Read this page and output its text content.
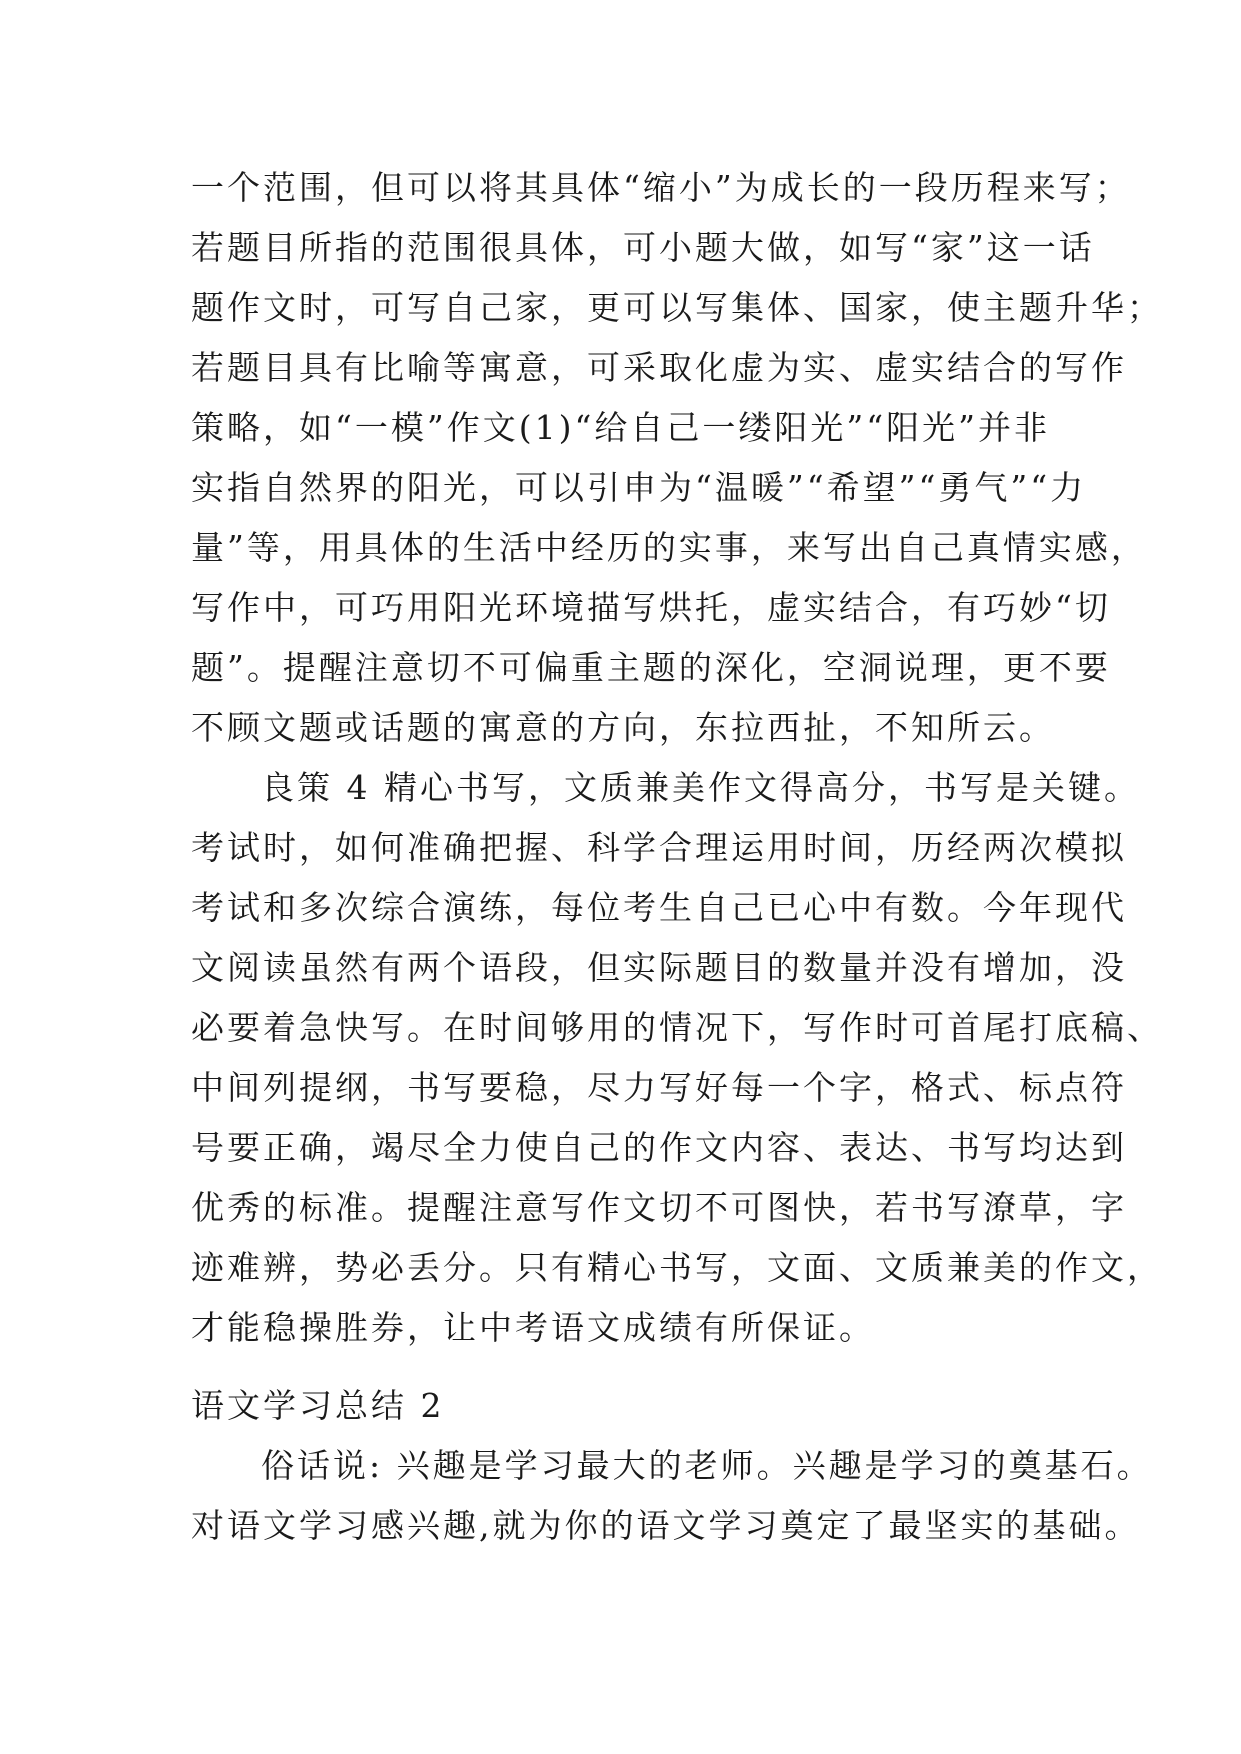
一个范围，但可以将其具体“缩小”为成长的一段历程来写；
若题目所指的范围很具体，可小题大做，如写“家”这一话
题作文时，可写自己家，更可以写集体、国家，使主题升华；
若题目具有比喻等寓意，可采取化虚为实、虚实结合的写作
策略，如“一模”作文(1)“给自己一缕阳光”“阳光”并非
实指自然界的阳光，可以引申为“温暖”“希望”“勇气”“力
量”等，用具体的生活中经历的实事，来写出自己真情实感，
写作中，可巧用阳光环境描写烘托，虚实结合，有巧妙“切
题”。提醒注意切不可偏重主题的深化，空洞说理，更不要
不顾文题或话题的寓意的方向，东拉西扯，不知所云。
良策 4 精心书写，文质兼美作文得高分，书写是关键。
考试时，如何准确把握、科学合理运用时间，历经两次模拟
考试和多次综合演练，每位考生自己已心中有数。今年现代
文阅读虽然有两个语段，但实际题目的数量并没有增加，没
必要着急快写。在时间够用的情况下，写作时可首尾打底稿、
中间列提纲，书写要稳，尽力写好每一个字，格式、标点符
号要正确，竭尽全力使自己的作文内容、表达、书写均达到
优秀的标准。提醒注意写作文切不可图快，若书写潦草，字
迹难辨，势必丢分。只有精心书写，文面、文质兼美的作文，
才能稳操胜券，让中考语文成绩有所保证。
语文学习总结 2
俗话说: 兴趣是学习最大的老师。兴趣是学习的奠基石。
对语文学习感兴趣,就为你的语文学习奠定了最坚实的基础。
